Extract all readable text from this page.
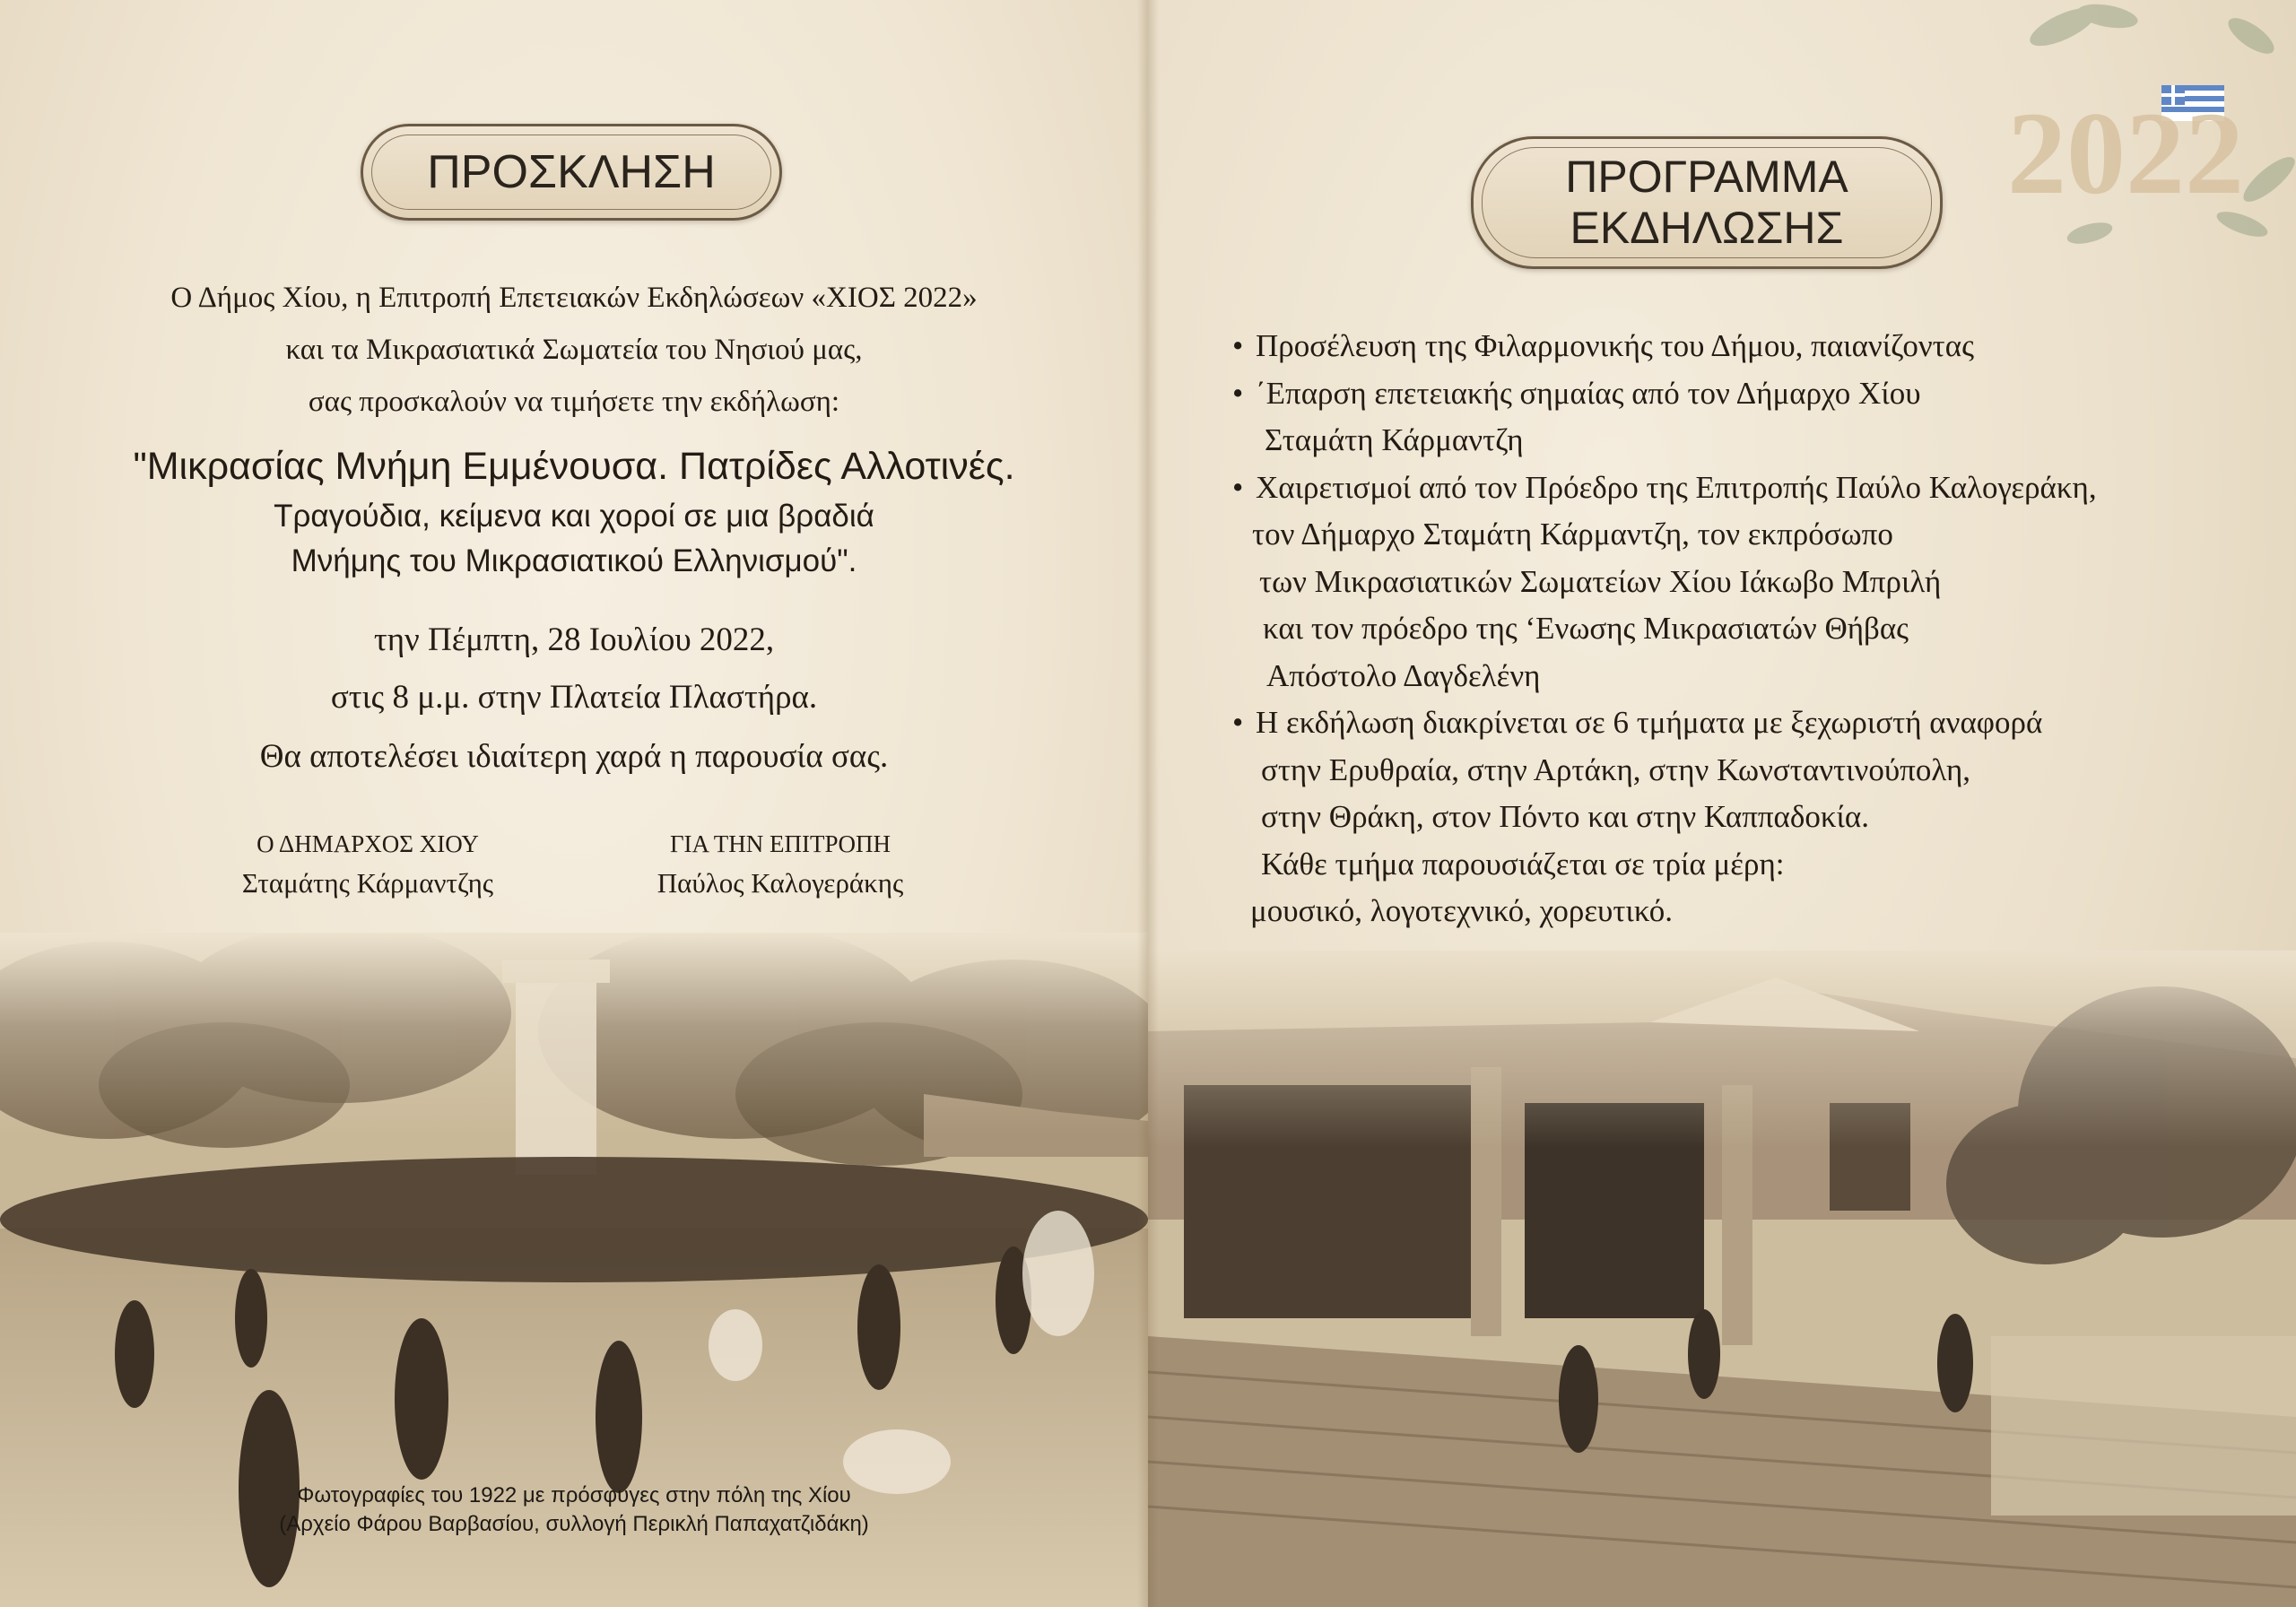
ΠΡΟΣΚΛΗΣΗ
Ο Δήμος Χίου, η Επιτροπή Επετειακών Εκδηλώσεων «ΧΙΟΣ 2022»
και τα Μικρασιατικά Σωματεία του Νησιού μας,
σας προσκαλούν να τιμήσετε την εκδήλωση:
"Μικρασίας Μνήμη Εμμένουσα. Πατρίδες Αλλοτινές.
Τραγούδια, κείμενα και χοροί σε μια βραδιά
Μνήμης του Μικρασιατικού Ελληνισμού".
την Πέμπτη, 28 Ιουλίου 2022,
στις 8 μ.μ. στην Πλατεία Πλαστήρα.
Θα αποτελέσει ιδιαίτερη χαρά η παρουσία σας.
Ο ΔΗΜΑΡΧΟΣ ΧΙΟΥ
Σταμάτης Κάρμαντζης
ΓΙΑ ΤΗΝ ΕΠΙΤΡΟΠΗ
Παύλος Καλογεράκης
Φωτογραφίες του 1922 με πρόσφυγες στην πόλη της Χίου
(Αρχείο Φάρου Βαρβασίου, συλλογή Περικλή Παπαχατζιδάκη)
2022
ΠΡΟΓΡΑΜΜΑ
ΕΚΔΗΛΩΣΗΣ
• Προσέλευση της Φιλαρμονικής του Δήμου, παιανίζοντας
• ΄Επαρση επετειακής σημαίας από τον Δήμαρχο Χίου
Σταμάτη Κάρμαντζη
• Χαιρετισμοί από τον Πρόεδρο της Επιτροπής Παύλο Καλογεράκη,
τον Δήμαρχο Σταμάτη Κάρμαντζη, τον εκπρόσωπο
των Μικρασιατικών Σωματείων Χίου Ιάκωβο Μπριλή
και τον πρόεδρο της ‘Ενωσης Μικρασιατών Θήβας
Απόστολο Δαγδελένη
• Η εκδήλωση διακρίνεται σε 6 τμήματα με ξεχωριστή αναφορά
στην Ερυθραία, στην Αρτάκη, στην Κωνσταντινούπολη,
στην Θράκη, στον Πόντο και στην Καππαδοκία.
Κάθε τμήμα παρουσιάζεται σε τρία μέρη:
μουσικό, λογοτεχνικό, χορευτικό.
